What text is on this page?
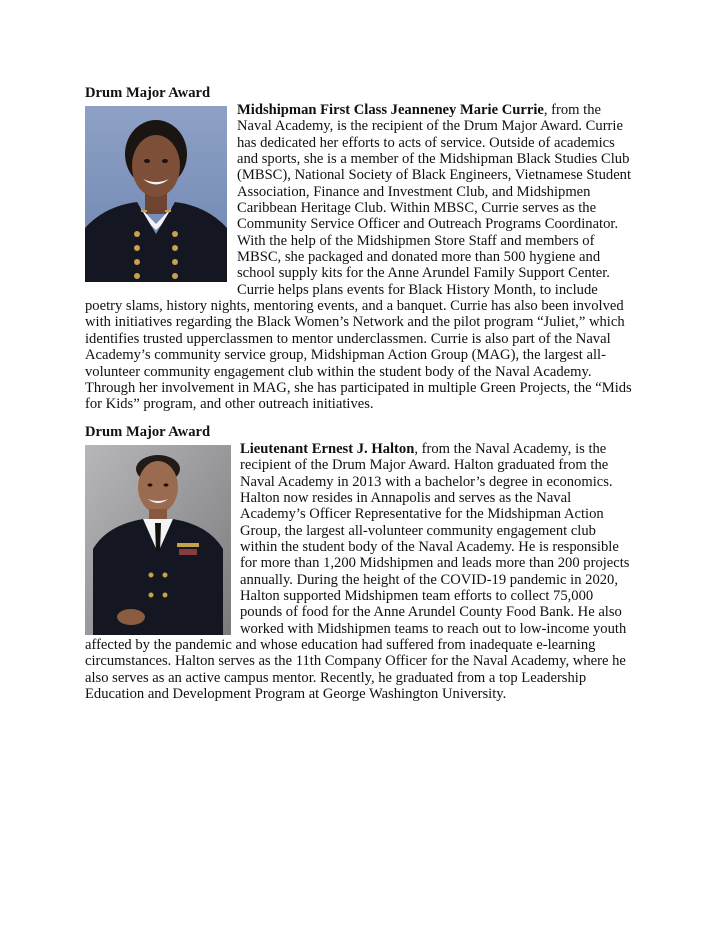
Drum Major Award

Midshipman First Class Jeanneney Marie Currie, from the Naval Academy, is the recipient of the Drum Major Award. Currie has dedicated her efforts to acts of service. Outside of academics and sports, she is a member of the Midshipman Black Studies Club (MBSC), National Society of Black Engineers, Vietnamese Student Association, Finance and Investment Club, and Midshipmen Caribbean Heritage Club. Within MBSC, Currie serves as the Community Service Officer and Outreach Programs Coordinator. With the help of the Midshipmen Store Staff and members of MBSC, she packaged and donated more than 500 hygiene and school supply kits for the Anne Arundel Family Support Center. Currie helps plans events for Black History Month, to include poetry slams, history nights, mentoring events, and a banquet. Currie has also been involved with initiatives regarding the Black Women’s Network and the pilot program “Juliet,” which identifies trusted upperclassmen to mentor underclassmen. Currie is also part of the Naval Academy’s community service group, Midshipman Action Group (MAG), the largest all-volunteer community engagement club within the student body of the Naval Academy. Through her involvement in MAG, she has participated in multiple Green Projects, the “Mids for Kids” program, and other outreach initiatives.

Drum Major Award

Lieutenant Ernest J. Halton, from the Naval Academy, is the recipient of the Drum Major Award. Halton graduated from the Naval Academy in 2013 with a bachelor’s degree in economics. Halton now resides in Annapolis and serves as the Naval Academy’s Officer Representative for the Midshipman Action Group, the largest all-volunteer community engagement club within the student body of the Naval Academy. He is responsible for more than 1,200 Midshipmen and leads more than 200 projects annually. During the height of the COVID-19 pandemic in 2020, Halton supported Midshipmen team efforts to collect 75,000 pounds of food for the Anne Arundel County Food Bank. He also worked with Midshipmen teams to reach out to low-income youth affected by the pandemic and whose education had suffered from inadequate e-learning circumstances. Halton serves as the 11th Company Officer for the Naval Academy, where he also serves as an active campus mentor. Recently, he graduated from a top Leadership Education and Development Program at George Washington University.
